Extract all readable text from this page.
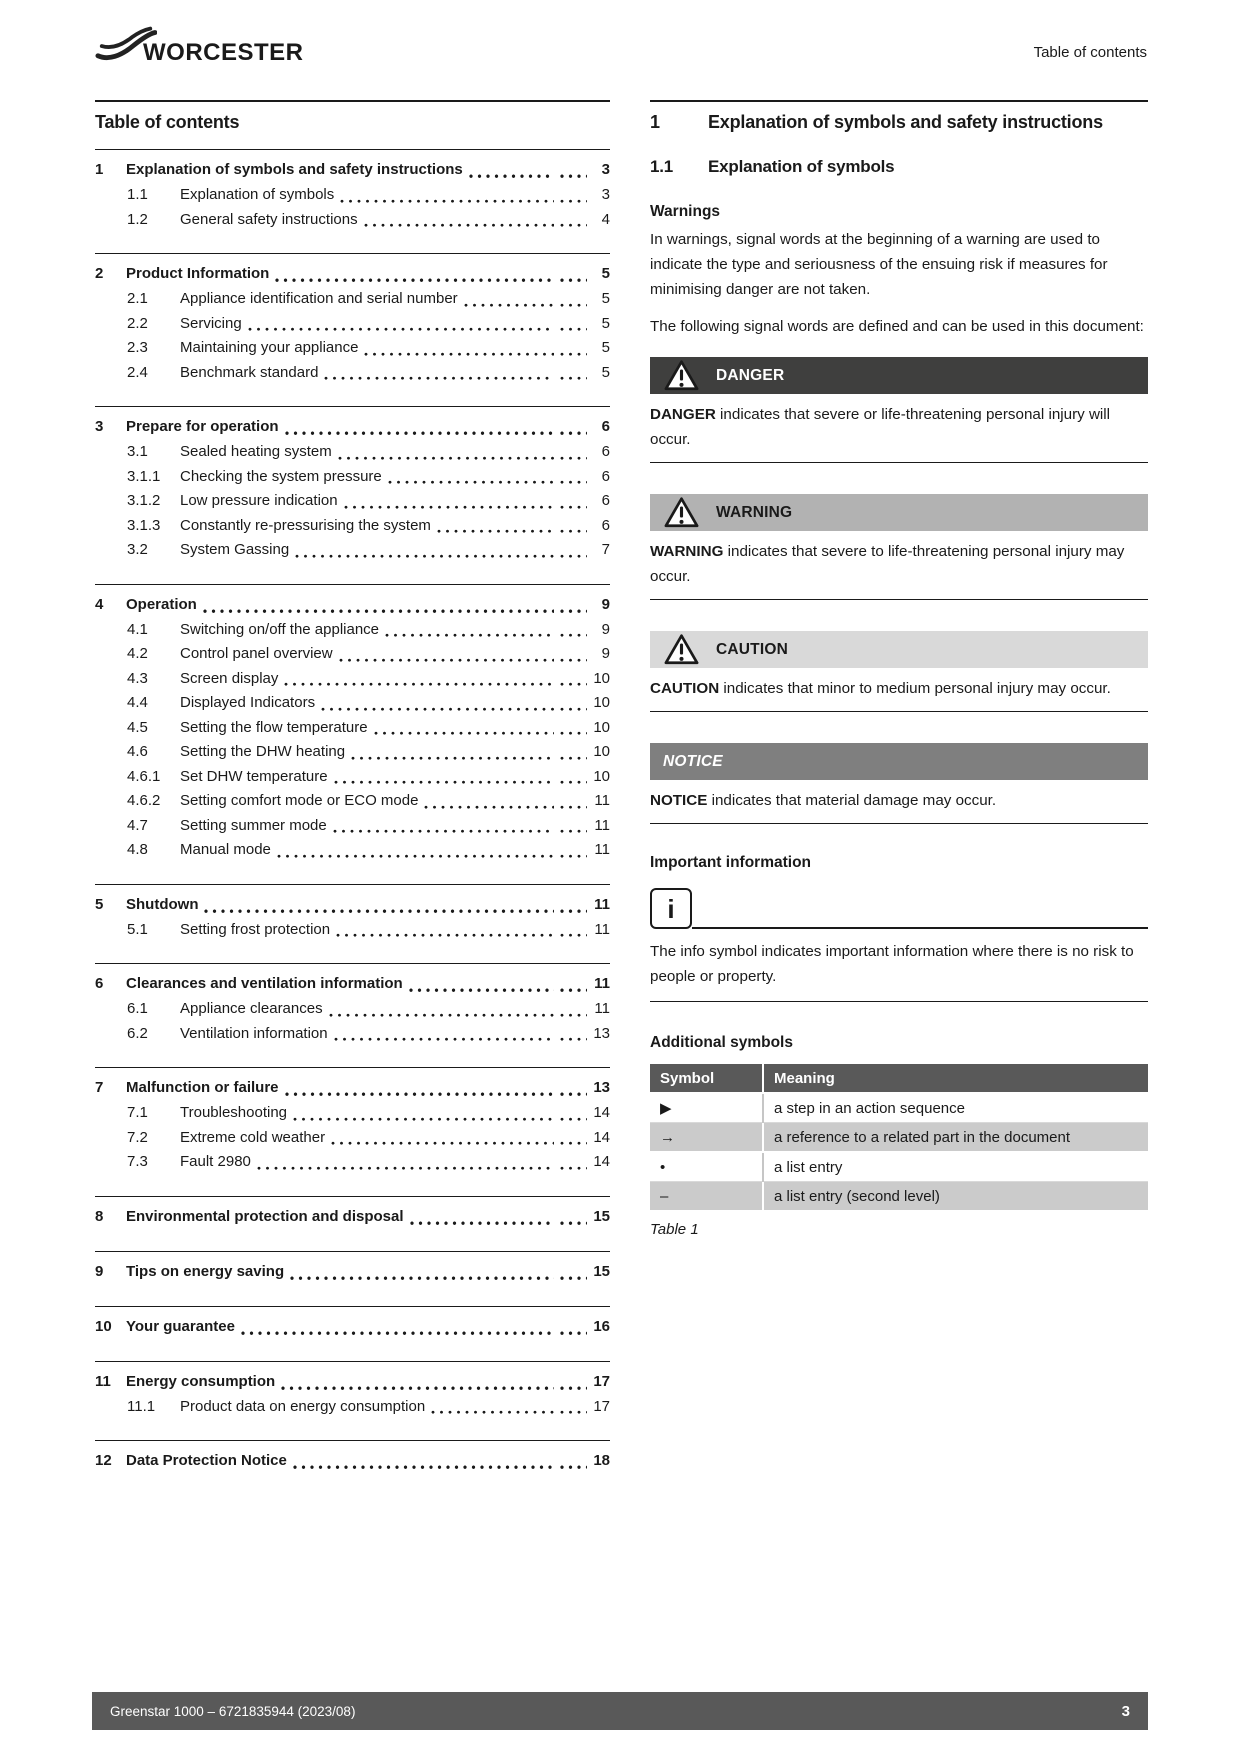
WORCESTER	Table of contents
Table of contents
1	Explanation of symbols and safety instructions	3
1.1	Explanation of symbols	3
1.2	General safety instructions	4
2	Product Information	5
2.1	Appliance identification and serial number	5
2.2	Servicing	5
2.3	Maintaining your appliance	5
2.4	Benchmark standard	5
3	Prepare for operation	6
3.1	Sealed heating system	6
3.1.1	Checking the system pressure	6
3.1.2	Low pressure indication	6
3.1.3	Constantly re-pressurising the system	6
3.2	System Gassing	7
4	Operation	9
4.1	Switching on/off the appliance	9
4.2	Control panel overview	9
4.3	Screen display	10
4.4	Displayed Indicators	10
4.5	Setting the flow temperature	10
4.6	Setting the DHW heating	10
4.6.1	Set DHW temperature	10
4.6.2	Setting comfort mode or ECO mode	11
4.7	Setting summer mode	11
4.8	Manual mode	11
5	Shutdown	11
5.1	Setting frost protection	11
6	Clearances and ventilation information	11
6.1	Appliance clearances	11
6.2	Ventilation information	13
7	Malfunction or failure	13
7.1	Troubleshooting	14
7.2	Extreme cold weather	14
7.3	Fault 2980	14
8	Environmental protection and disposal	15
9	Tips on energy saving	15
10 Your guarantee	16
11	Energy consumption	17
11.1	Product data on energy consumption	17
12 Data Protection Notice	18
1	Explanation of symbols and safety instructions
1.1	Explanation of symbols
Warnings

In warnings, signal words at the beginning of a warning are used to indicate the type and seriousness of the ensuing risk if measures for minimising danger are not taken.

The following signal words are defined and can be used in this document:

DANGER

DANGER indicates that severe or life-threatening personal injury will occur.

WARNING

WARNING indicates that severe to life-threatening personal injury may occur.

CAUTION

CAUTION indicates that minor to medium personal injury may occur.

NOTICE

NOTICE indicates that material damage may occur.

Important information
i

The info symbol indicates important information where there is no risk to people or property.

Additional symbols
Symbol	Meaning
▶	a step in an action sequence
→	a reference to a related part in the document
•	a list entry
–	a list entry (second level)
Table 1
Greenstar 1000 – 6721835944 (2023/08)	3
